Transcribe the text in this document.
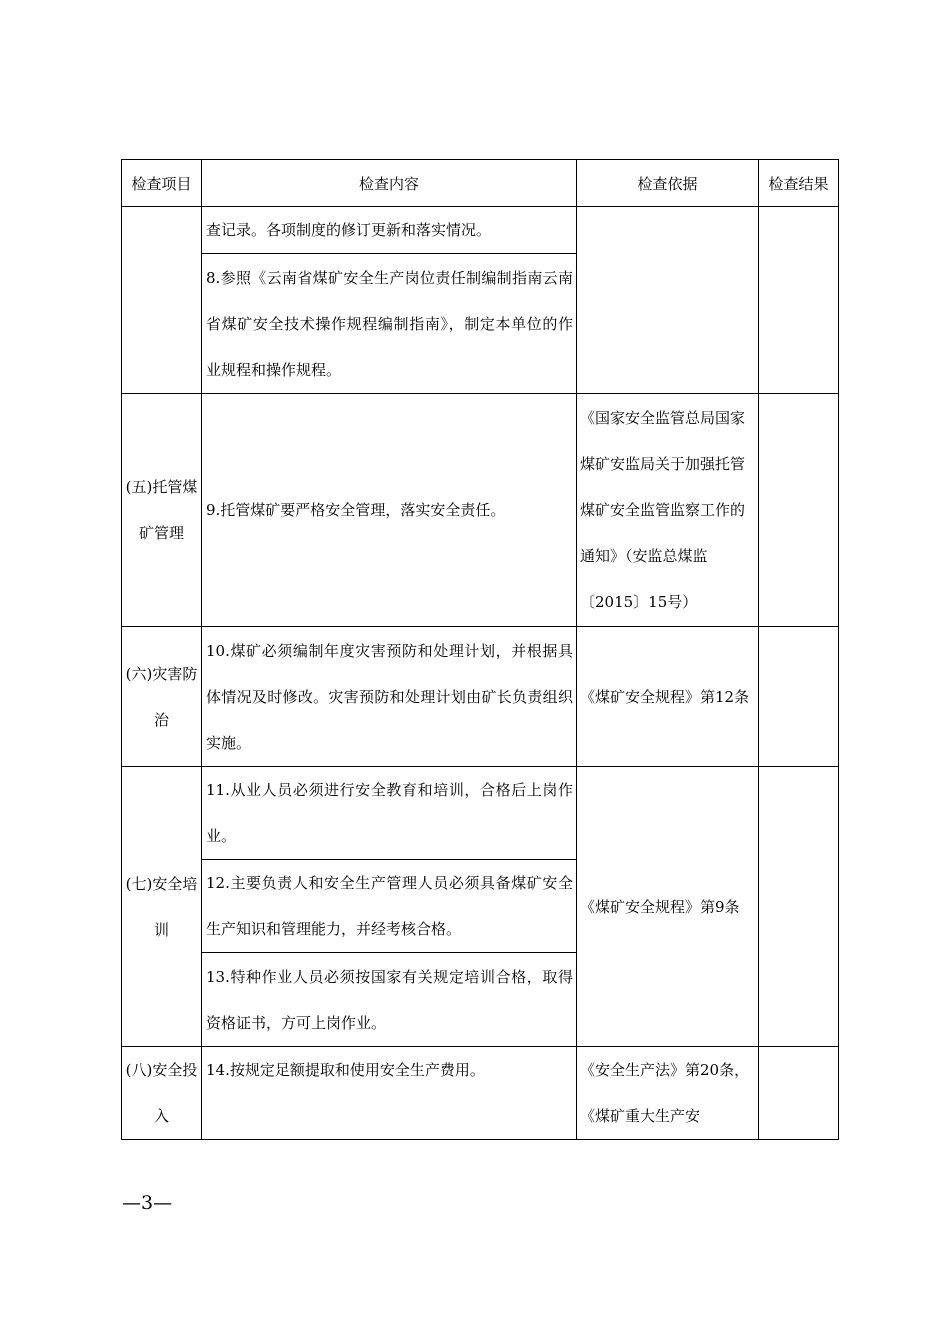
检查项目	检查内容	检查依据	检查结果
	查记录。各项制度的修订更新和落实情况。		
	8.参照《云南省煤矿安全生产岗位责任制编制指南云南省煤矿安全技术操作规程编制指南》，制定本单位的作业规程和操作规程。		
(五)托管煤矿管理	9.托管煤矿要严格安全管理，落实安全责任。	《国家安全监管总局国家煤矿安监局关于加强托管煤矿安全监管监察工作的通知》（安监总煤监〔2015〕15号）	
(六)灾害防治	10.煤矿必须编制年度灾害预防和处理计划，并根据具体情况及时修改。灾害预防和处理计划由矿长负责组织实施。	《煤矿安全规程》第12条	
(七)安全培训	11.从业人员必须进行安全教育和培训，合格后上岗作业。	《煤矿安全规程》第9条	
	12.主要负责人和安全生产管理人员必须具备煤矿安全生产知识和管理能力，并经考核合格。		
	13.特种作业人员必须按国家有关规定培训合格，取得资格证书，方可上岗作业。		
(八)安全投入	14.按规定足额提取和使用安全生产费用。	《安全生产法》第20条，《煤矿重大生产安	
—3—
